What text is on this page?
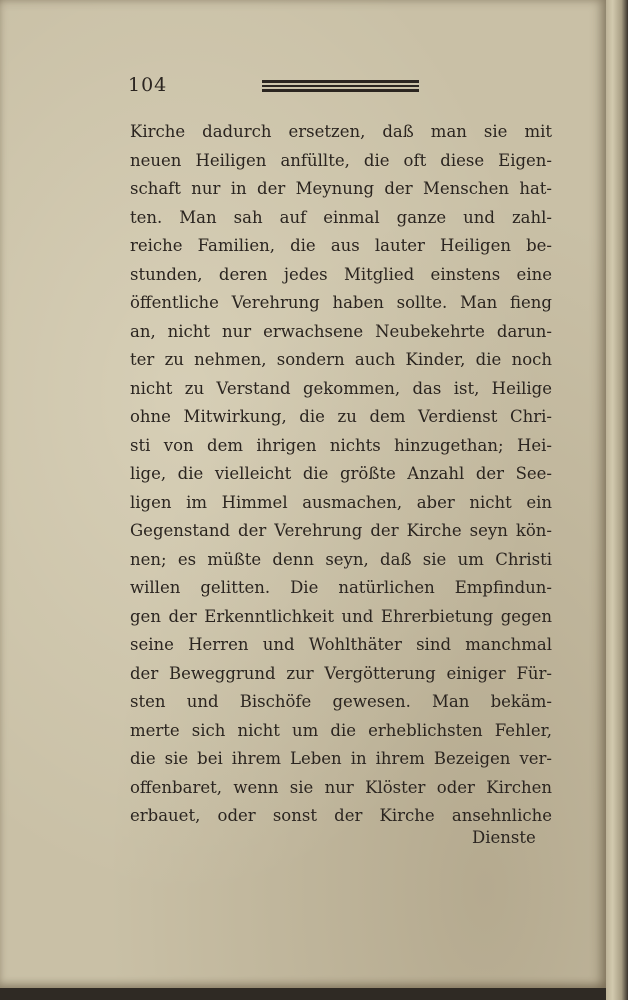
104
Kirche dadurch ersetzen, daß man sie mit
neuen Heiligen anfüllte, die oft diese Eigen-
schaft nur in der Meynung der Menschen hat-
ten. Man sah auf einmal ganze und zahl-
reiche Familien, die aus lauter Heiligen be-
stunden, deren jedes Mitglied einstens eine
öffentliche Verehrung haben sollte. Man fieng
an, nicht nur erwachsene Neubekehrte darun-
ter zu nehmen, sondern auch Kinder, die noch
nicht zu Verstand gekommen, das ist, Heilige
ohne Mitwirkung, die zu dem Verdienst Chri-
sti von dem ihrigen nichts hinzugethan; Hei-
lige, die vielleicht die größte Anzahl der See-
ligen im Himmel ausmachen, aber nicht ein
Gegenstand der Verehrung der Kirche seyn kön-
nen; es müßte denn seyn, daß sie um Christi
willen gelitten. Die natürlichen Empfindun-
gen der Erkenntlichkeit und Ehrerbietung gegen
seine Herren und Wohlthäter sind manchmal
der Beweggrund zur Vergötterung einiger Für-
sten und Bischöfe gewesen. Man bekäm-
merte sich nicht um die erheblichsten Fehler,
die sie bei ihrem Leben in ihrem Bezeigen ver-
offenbaret, wenn sie nur Klöster oder Kirchen
erbauet, oder sonst der Kirche ansehnliche
Dienste
